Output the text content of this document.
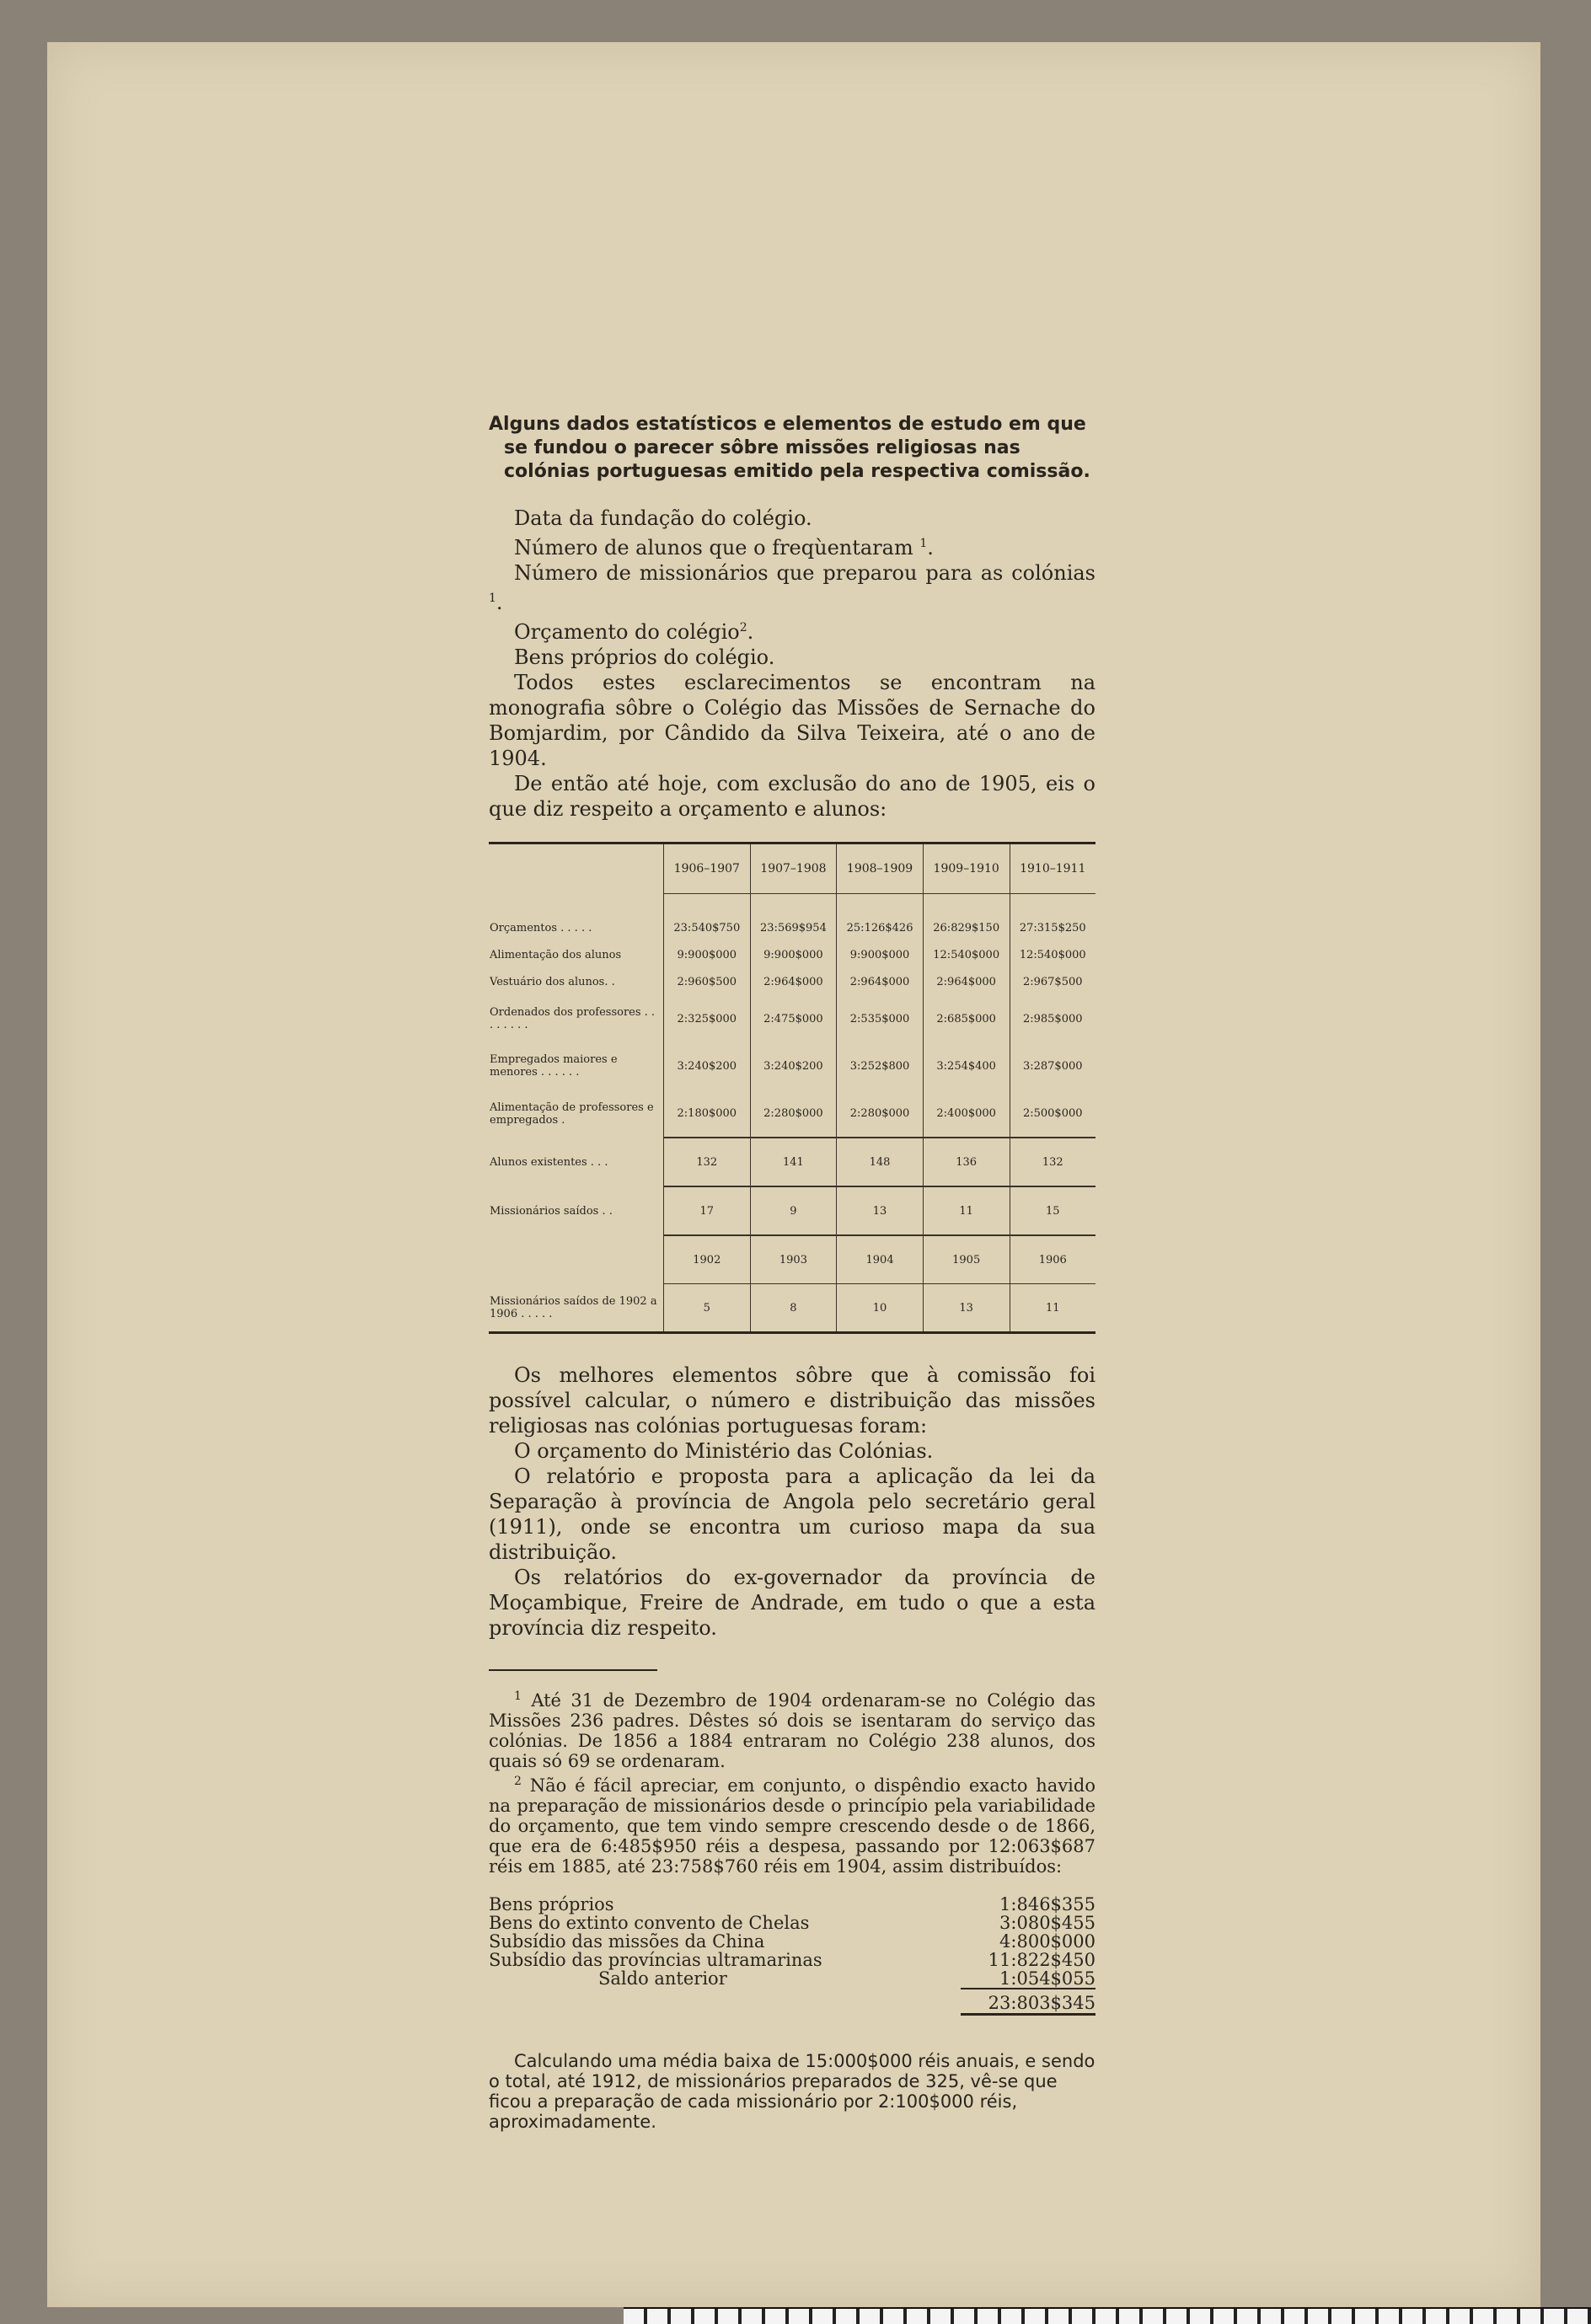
Alguns dados estatísticos e elementos de estudo em que se fundou o parecer sôbre missões religiosas nas colónias portuguesas emitido pela respectiva comissão.

Data da fundação do colégio.

Número de alunos que o freqùentaram $^1$.

Número de missionários que preparou para as colónias $^1$.

Orçamento do colégio$^2$.

Bens próprios do colégio.

Todos estes esclarecimentos se encontram na monografia sôbre o Colégio das Missões de Sernache do Bomjardim, por Cândido da Silva Teixeira, até o ano de 1904.

De então até hoje, com exclusão do ano de 1905, eis o que diz respeito a orçamento e alunos:

	1906–1907	1907–1908	1908–1909	1909–1910	1910–1911

Orçamentos . . . . .	23:540$750	23:569$954	25:126$426	26:829$150	27:315$250
Alimentação dos alunos	9:900$000	9:900$000	9:900$000	12:540$000	12:540$000
Vestuário dos alunos. .	2:960$500	2:964$000	2:964$000	2:964$000	2:967$500
Ordenados dos professores . . . . . . . .	2:325$000	2:475$000	2:535$000	2:685$000	2:985$000
Empregados maiores e menores . . . . . .	3:240$200	3:240$200	3:252$800	3:254$400	3:287$000
Alimentação de professores e empregados .	2:180$000	2:280$000	2:280$000	2:400$000	2:500$000
Alunos existentes . . .	132	141	148	136	132
Missionários saídos . .	17	9	13	11	15
	1902	1903	1904	1905	1906
Missionários saídos de 1902 a 1906 . . . . .	5	8	10	13	11

Os melhores elementos sôbre que à comissão foi possível calcular, o número e distribuição das missões religiosas nas colónias portuguesas foram:

O orçamento do Ministério das Colónias.

O relatório e proposta para a aplicação da lei da Separação à província de Angola pelo secretário geral (1911), onde se encontra um curioso mapa da sua distribuição.

Os relatórios do ex-governador da província de Moçambique, Freire de Andrade, em tudo o que a esta província diz respeito.

$^1$ Até 31 de Dezembro de 1904 ordenaram-se no Colégio das Missões 236 padres. Dêstes só dois se isentaram do serviço das colónias. De 1856 a 1884 entraram no Colégio 238 alunos, dos quais só 69 se ordenaram.

$^2$ Não é fácil apreciar, em conjunto, o dispêndio exacto havido na preparação de missionários desde o princípio pela variabilidade do orçamento, que tem vindo sempre crescendo desde o de 1866, que era de 6:485$950 réis a despesa, passando por 12:063$687 réis em 1885, até 23:758$760 réis em 1904, assim distribuídos:

Bens próprios	1:846$355
Bens do extinto convento de Chelas	3:080$455
Subsídio das missões da China	4:800$000
Subsídio das províncias ultramarinas	11:822$450
Saldo anterior	1:054$055
23:803$345

Calculando uma média baixa de 15:000$000 réis anuais, e sendo o total, até 1912, de missionários preparados de 325, vê-se que ficou a preparação de cada missionário por 2:100$000 réis, aproximadamente.
